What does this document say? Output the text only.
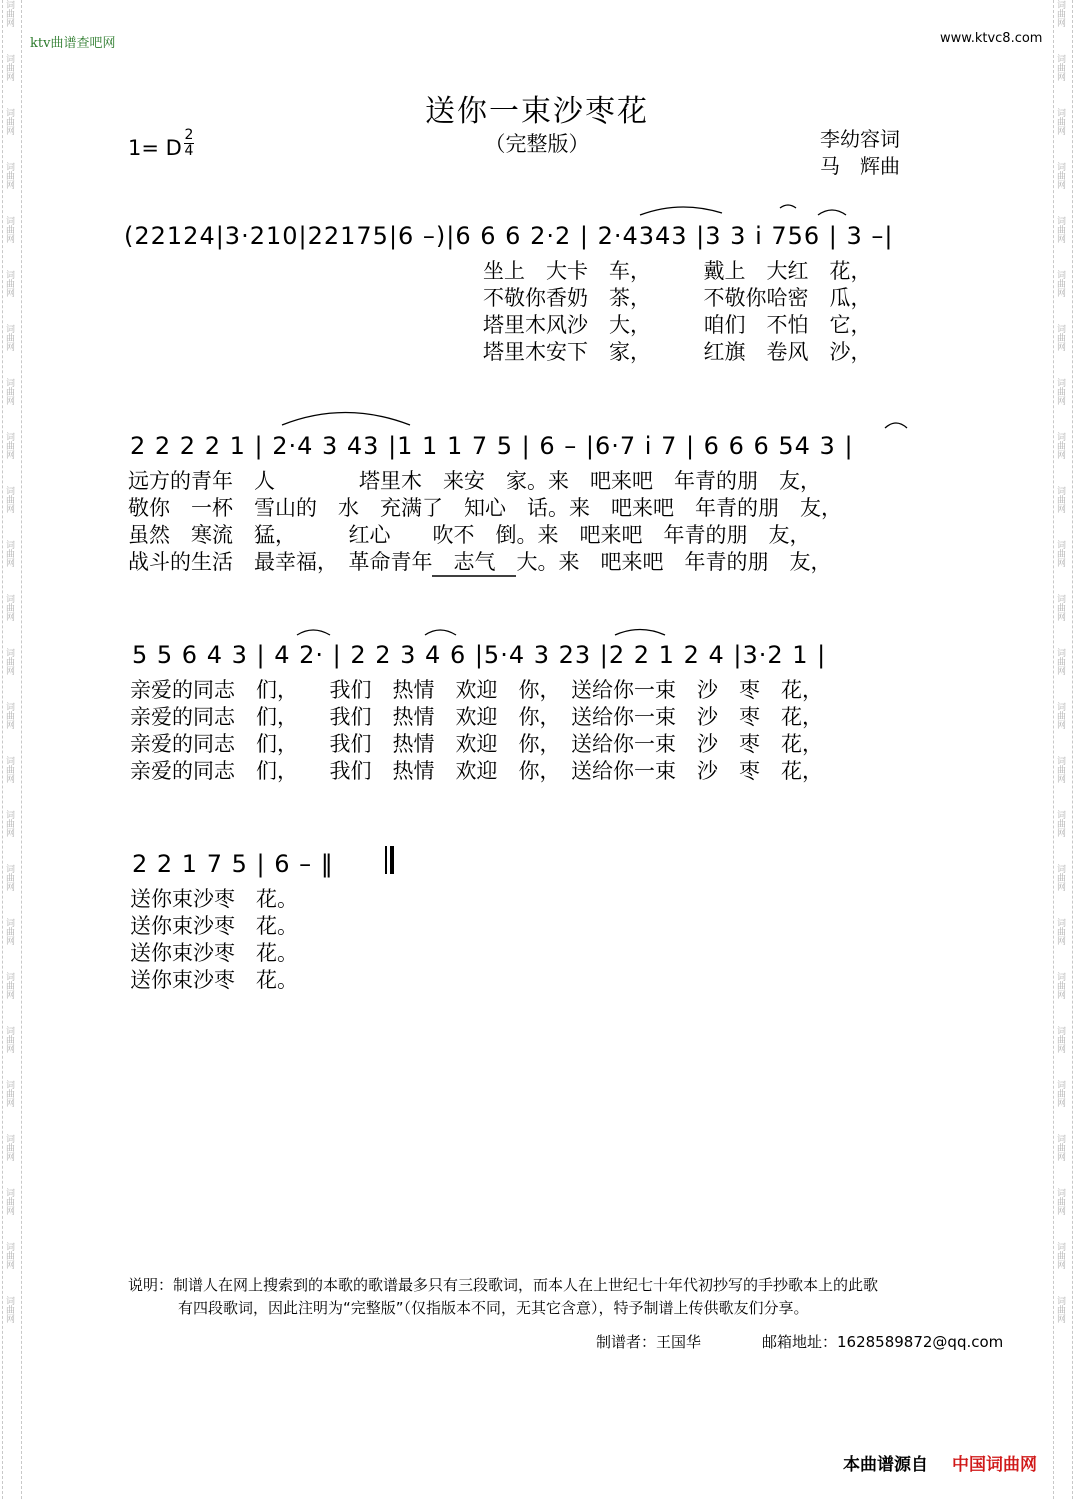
词曲网
词曲网
词曲网
词曲网
词曲网
词曲网
词曲网
词曲网
词曲网
词曲网
词曲网
词曲网
词曲网
词曲网
词曲网
词曲网
词曲网
词曲网
词曲网
词曲网
词曲网
词曲网
词曲网
词曲网
词曲网
词曲网
词曲网
词曲网
词曲网
词曲网
词曲网
词曲网
词曲网
词曲网
词曲网
词曲网
词曲网
词曲网
词曲网
词曲网
词曲网
词曲网
词曲网
词曲网
词曲网
词曲网
词曲网
词曲网
词曲网
词曲网
ktv曲谱查吧网	www.ktvc8.com
送你一束沙枣花
（完整版）
1= D
2
4	李幼容词
马　辉曲
(22124|3·210|22175|6 –)|6 6 6 2·2 | 2·4343 |3 3 i 756 | 3 –|
坐上　大卡　车，　　　戴上　大红　花，
不敬你香奶　茶，　　　不敬你哈密　瓜，
塔里木风沙　大，　　　咱们　不怕　它，
塔里木安下　家，　　　红旗　卷风　沙，
2 2 2 2 1 | 2·4 3 43 |1 1 1 7 5 | 6 – |6·7 i 7 | 6 6 6 54 3 |
远方的青年　人　　　　塔里木　来安　家。来　吧来吧　年青的朋　友，
敬你　一杯　雪山的　水　充满了　知心　话。来　吧来吧　年青的朋　友，
虽然　寒流　猛，　　　红心　　吹不　倒。来　吧来吧　年青的朋　友，
战斗的生活　最幸福，　革命青年　志气　大。来　吧来吧　年青的朋　友，
5 5 6 4 3 | 4 2· | 2 2 3 4 6 |5·4 3 23 |2 2 1 2 4 |3·2 1 |
亲爱的同志　们，　　我们　热情　欢迎　你，　送给你一束　沙　枣　花，
亲爱的同志　们，　　我们　热情　欢迎　你，　送给你一束　沙　枣　花，
亲爱的同志　们，　　我们　热情　欢迎　你，　送给你一束　沙　枣　花，
亲爱的同志　们，　　我们　热情　欢迎　你，　送给你一束　沙　枣　花，
2 2 1 7 5 | 6 – ‖
送你束沙枣　花。
送你束沙枣　花。
送你束沙枣　花。
送你束沙枣　花。
说明：制谱人在网上搜索到的本歌的歌谱最多只有三段歌词，而本人在上世纪七十年代初抄写的手抄歌本上的此歌
有四段歌词，因此注明为“完整版”（仅指版本不同，无其它含意），特予制谱上传供歌友们分享。
制谱者：王国华	邮箱地址：1628589872@qq.com
本曲谱源自 中国词曲网
